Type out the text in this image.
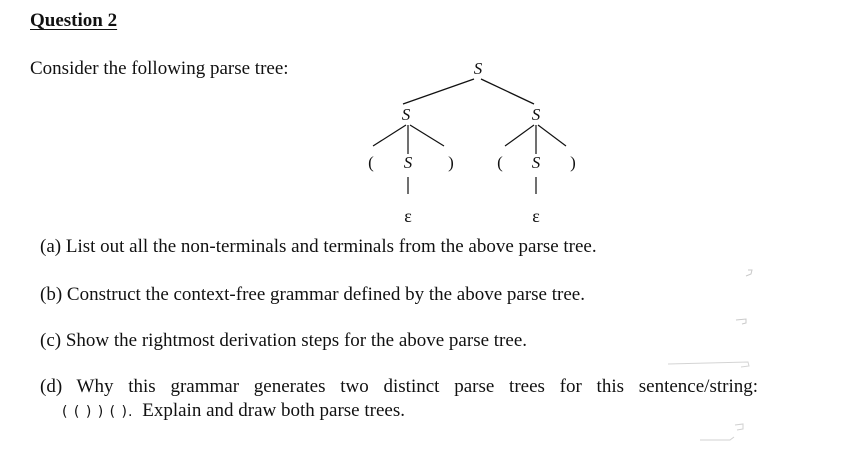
Question 2
Consider the following parse tree:	S
S	S
( S )	( S )
ε	ε
(a) List out all the non-terminals and terminals from the above parse tree.
(b) Construct the context-free grammar defined by the above parse tree.
(c) Show the rightmost derivation steps for the above parse tree.
(d) Why this grammar generates two distinct parse trees for this sentence/string:
( ( ) ) ( ). Explain and draw both parse trees.
